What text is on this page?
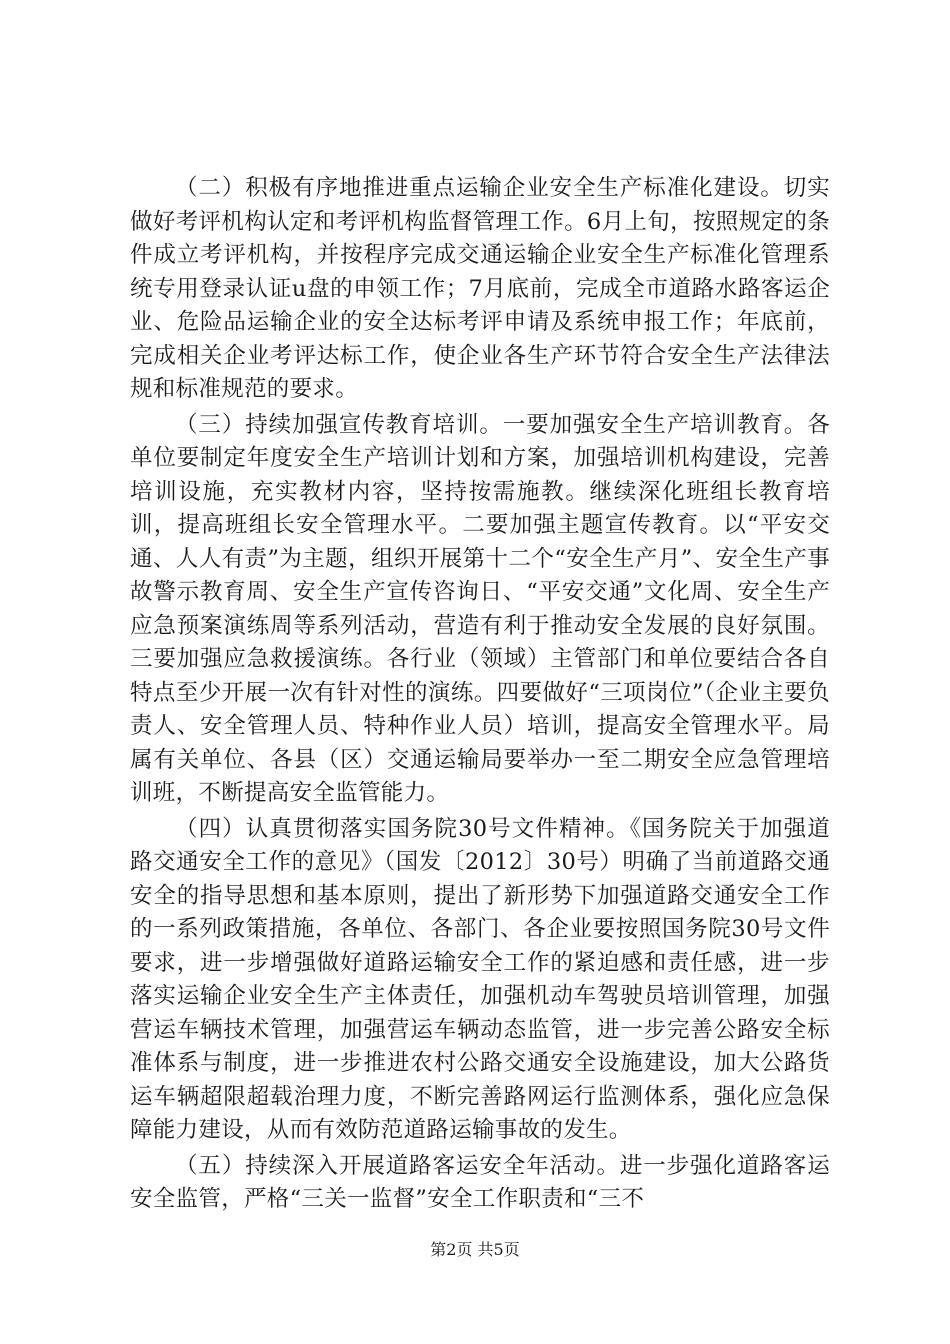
（二）积极有序地推进重点运输企业安全生产标准化建设。切实做好考评机构认定和考评机构监督管理工作。6月上旬，按照规定的条件成立考评机构，并按程序完成交通运输企业安全生产标准化管理系统专用登录认证u盘的申领工作；7月底前，完成全市道路水路客运企业、危险品运输企业的安全达标考评申请及系统申报工作；年底前，完成相关企业考评达标工作，使企业各生产环节符合安全生产法律法规和标准规范的要求。

（三）持续加强宣传教育培训。一要加强安全生产培训教育。各单位要制定年度安全生产培训计划和方案，加强培训机构建设，完善培训设施，充实教材内容，坚持按需施教。继续深化班组长教育培训，提高班组长安全管理水平。二要加强主题宣传教育。以“平安交通、人人有责”为主题，组织开展第十二个“安全生产月”、安全生产事故警示教育周、安全生产宣传咨询日、“平安交通”文化周、安全生产应急预案演练周等系列活动，营造有利于推动安全发展的良好氛围。三要加强应急救援演练。各行业（领域）主管部门和单位要结合各自特点至少开展一次有针对性的演练。四要做好“三项岗位”（企业主要负责人、安全管理人员、特种作业人员）培训，提高安全管理水平。局属有关单位、各县（区）交通运输局要举办一至二期安全应急管理培训班，不断提高安全监管能力。

（四）认真贯彻落实国务院30号文件精神。《国务院关于加强道路交通安全工作的意见》（国发〔2012〕30号）明确了当前道路交通安全的指导思想和基本原则，提出了新形势下加强道路交通安全工作的一系列政策措施，各单位、各部门、各企业要按照国务院30号文件要求，进一步增强做好道路运输安全工作的紧迫感和责任感，进一步落实运输企业安全生产主体责任，加强机动车驾驶员培训管理，加强营运车辆技术管理，加强营运车辆动态监管，进一步完善公路安全标准体系与制度，进一步推进农村公路交通安全设施建设，加大公路货运车辆超限超载治理力度，不断完善路网运行监测体系，强化应急保障能力建设，从而有效防范道路运输事故的发生。

（五）持续深入开展道路客运安全年活动。进一步强化道路客运安全监管，严格“三关一监督”安全工作职责和“三不

第2页 共5页
